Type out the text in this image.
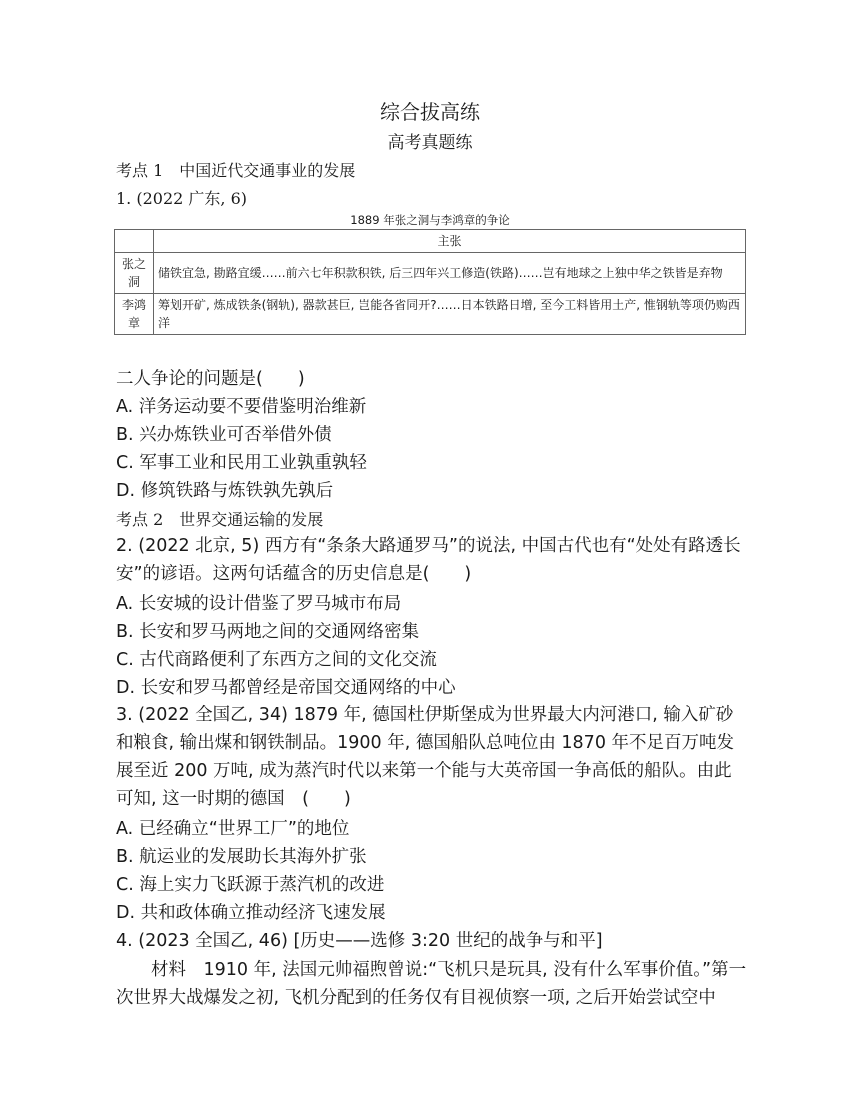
综合拔高练
高考真题练
考点 1　中国近代交通事业的发展
1. (2022 广东, 6)
1889 年张之洞与李鸿章的争论
	主张
张之洞	储铁宜急, 勘路宜缓……前六七年积款积铁, 后三四年兴工修造(铁路)……岂有地球之上独中华之铁皆是弃物
李鸿章	筹划开矿, 炼成铁条(钢轨), 器款甚巨, 岂能各省同开?……日本铁路日增, 至今工料皆用土产, 惟钢轨等项仍购西洋
二人争论的问题是(　　)
A. 洋务运动要不要借鉴明治维新
B. 兴办炼铁业可否举借外债
C. 军事工业和民用工业孰重孰轻
D. 修筑铁路与炼铁孰先孰后
考点 2　世界交通运输的发展
2. (2022 北京, 5) 西方有“条条大路通罗马”的说法, 中国古代也有“处处有路透长安”的谚语。这两句话蕴含的历史信息是(　　)
A. 长安城的设计借鉴了罗马城市布局
B. 长安和罗马两地之间的交通网络密集
C. 古代商路便利了东西方之间的文化交流
D. 长安和罗马都曾经是帝国交通网络的中心
3. (2022 全国乙, 34) 1879 年, 德国杜伊斯堡成为世界最大内河港口, 输入矿砂和粮食, 输出煤和钢铁制品。1900 年, 德国船队总吨位由 1870 年不足百万吨发展至近 200 万吨, 成为蒸汽时代以来第一个能与大英帝国一争高低的船队。由此可知, 这一时期的德国　(　　)
A. 已经确立“世界工厂”的地位
B. 航运业的发展助长其海外扩张
C. 海上实力飞跃源于蒸汽机的改进
D. 共和政体确立推动经济飞速发展
4. (2023 全国乙, 46) [历史——选修 3:20 世纪的战争与和平]
材料　1910 年, 法国元帅福煦曾说:“飞机只是玩具, 没有什么军事价值。”第一次世界大战爆发之初, 飞机分配到的任务仅有目视侦察一项, 之后开始尝试空中
